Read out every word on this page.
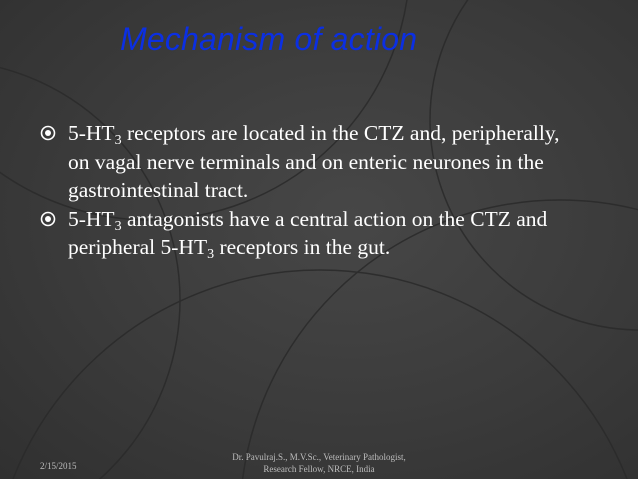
Mechanism of action
$5-HT_3$ receptors are located in the CTZ and, peripherally, on vagal nerve terminals and on enteric neurones in the gastrointestinal tract.
$5-HT_3$ antagonists have a central action on the CTZ and peripheral $5-HT_3$ receptors in the gut.
2/15/2015
Dr. Pavulraj.S., M.V.Sc., Veterinary Pathologist,
Research Fellow, NRCE, India
